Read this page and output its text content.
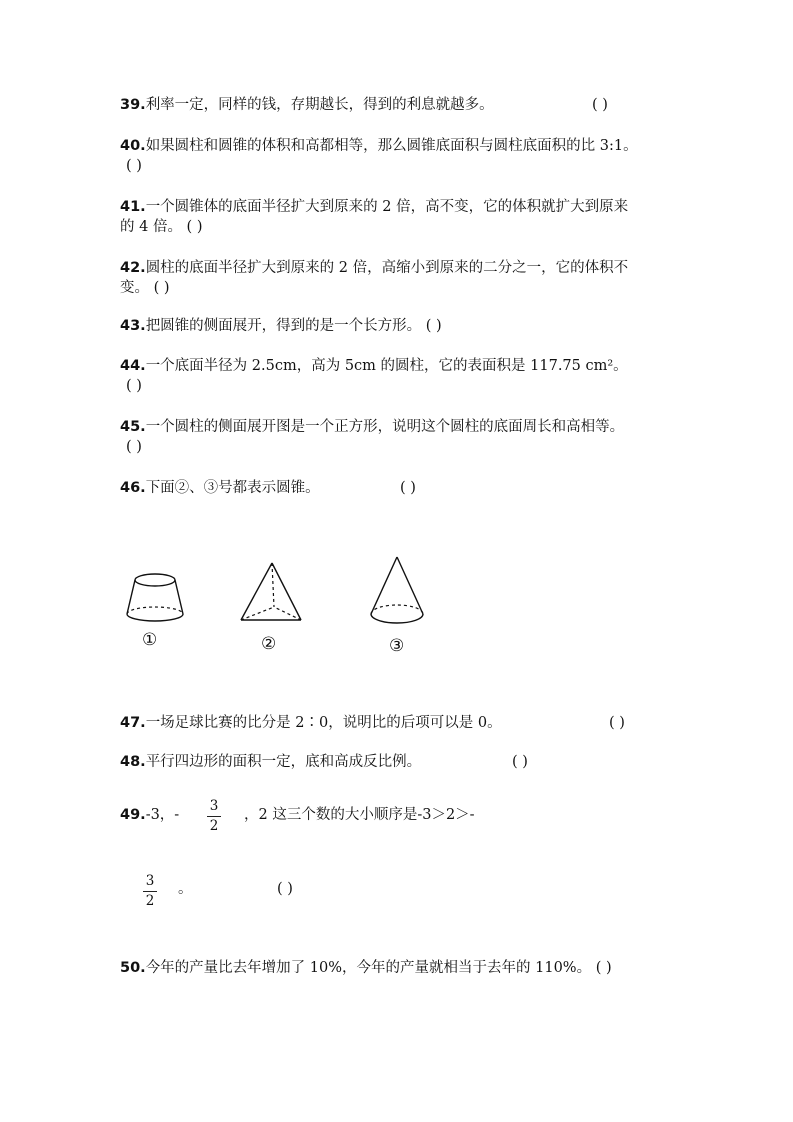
39.利率一定，同样的钱，存期越长，得到的利息就越多。	( )
40.如果圆柱和圆锥的体积和高都相等，那么圆锥底面积与圆柱底面积的比 3:1。
( )
41.一个圆锥体的底面半径扩大到原来的 2 倍，高不变，它的体积就扩大到原来
的 4 倍。 ( )
42.圆柱的底面半径扩大到原来的 2 倍，高缩小到原来的二分之一，它的体积不
变。 ( )
43.把圆锥的侧面展开，得到的是一个长方形。 ( )
44.一个底面半径为 2.5cm，高为 5cm 的圆柱，它的表面积是 117.75 cm²。
( )
45.一个圆柱的侧面展开图是一个正方形，说明这个圆柱的底面周长和高相等。
( )
46.下面②、③号都表示圆锥。	( )
①	②	③
47.一场足球比赛的比分是 2∶0，说明比的后项可以是 0。	( )
48.平行四边形的面积一定，底和高成反比例。	( )
49.-3，-
3
2
，2 这三个数的大小顺序是-3＞2＞-
3
2
。	( )
50.今年的产量比去年增加了 10%，今年的产量就相当于去年的 110%。 ( )
